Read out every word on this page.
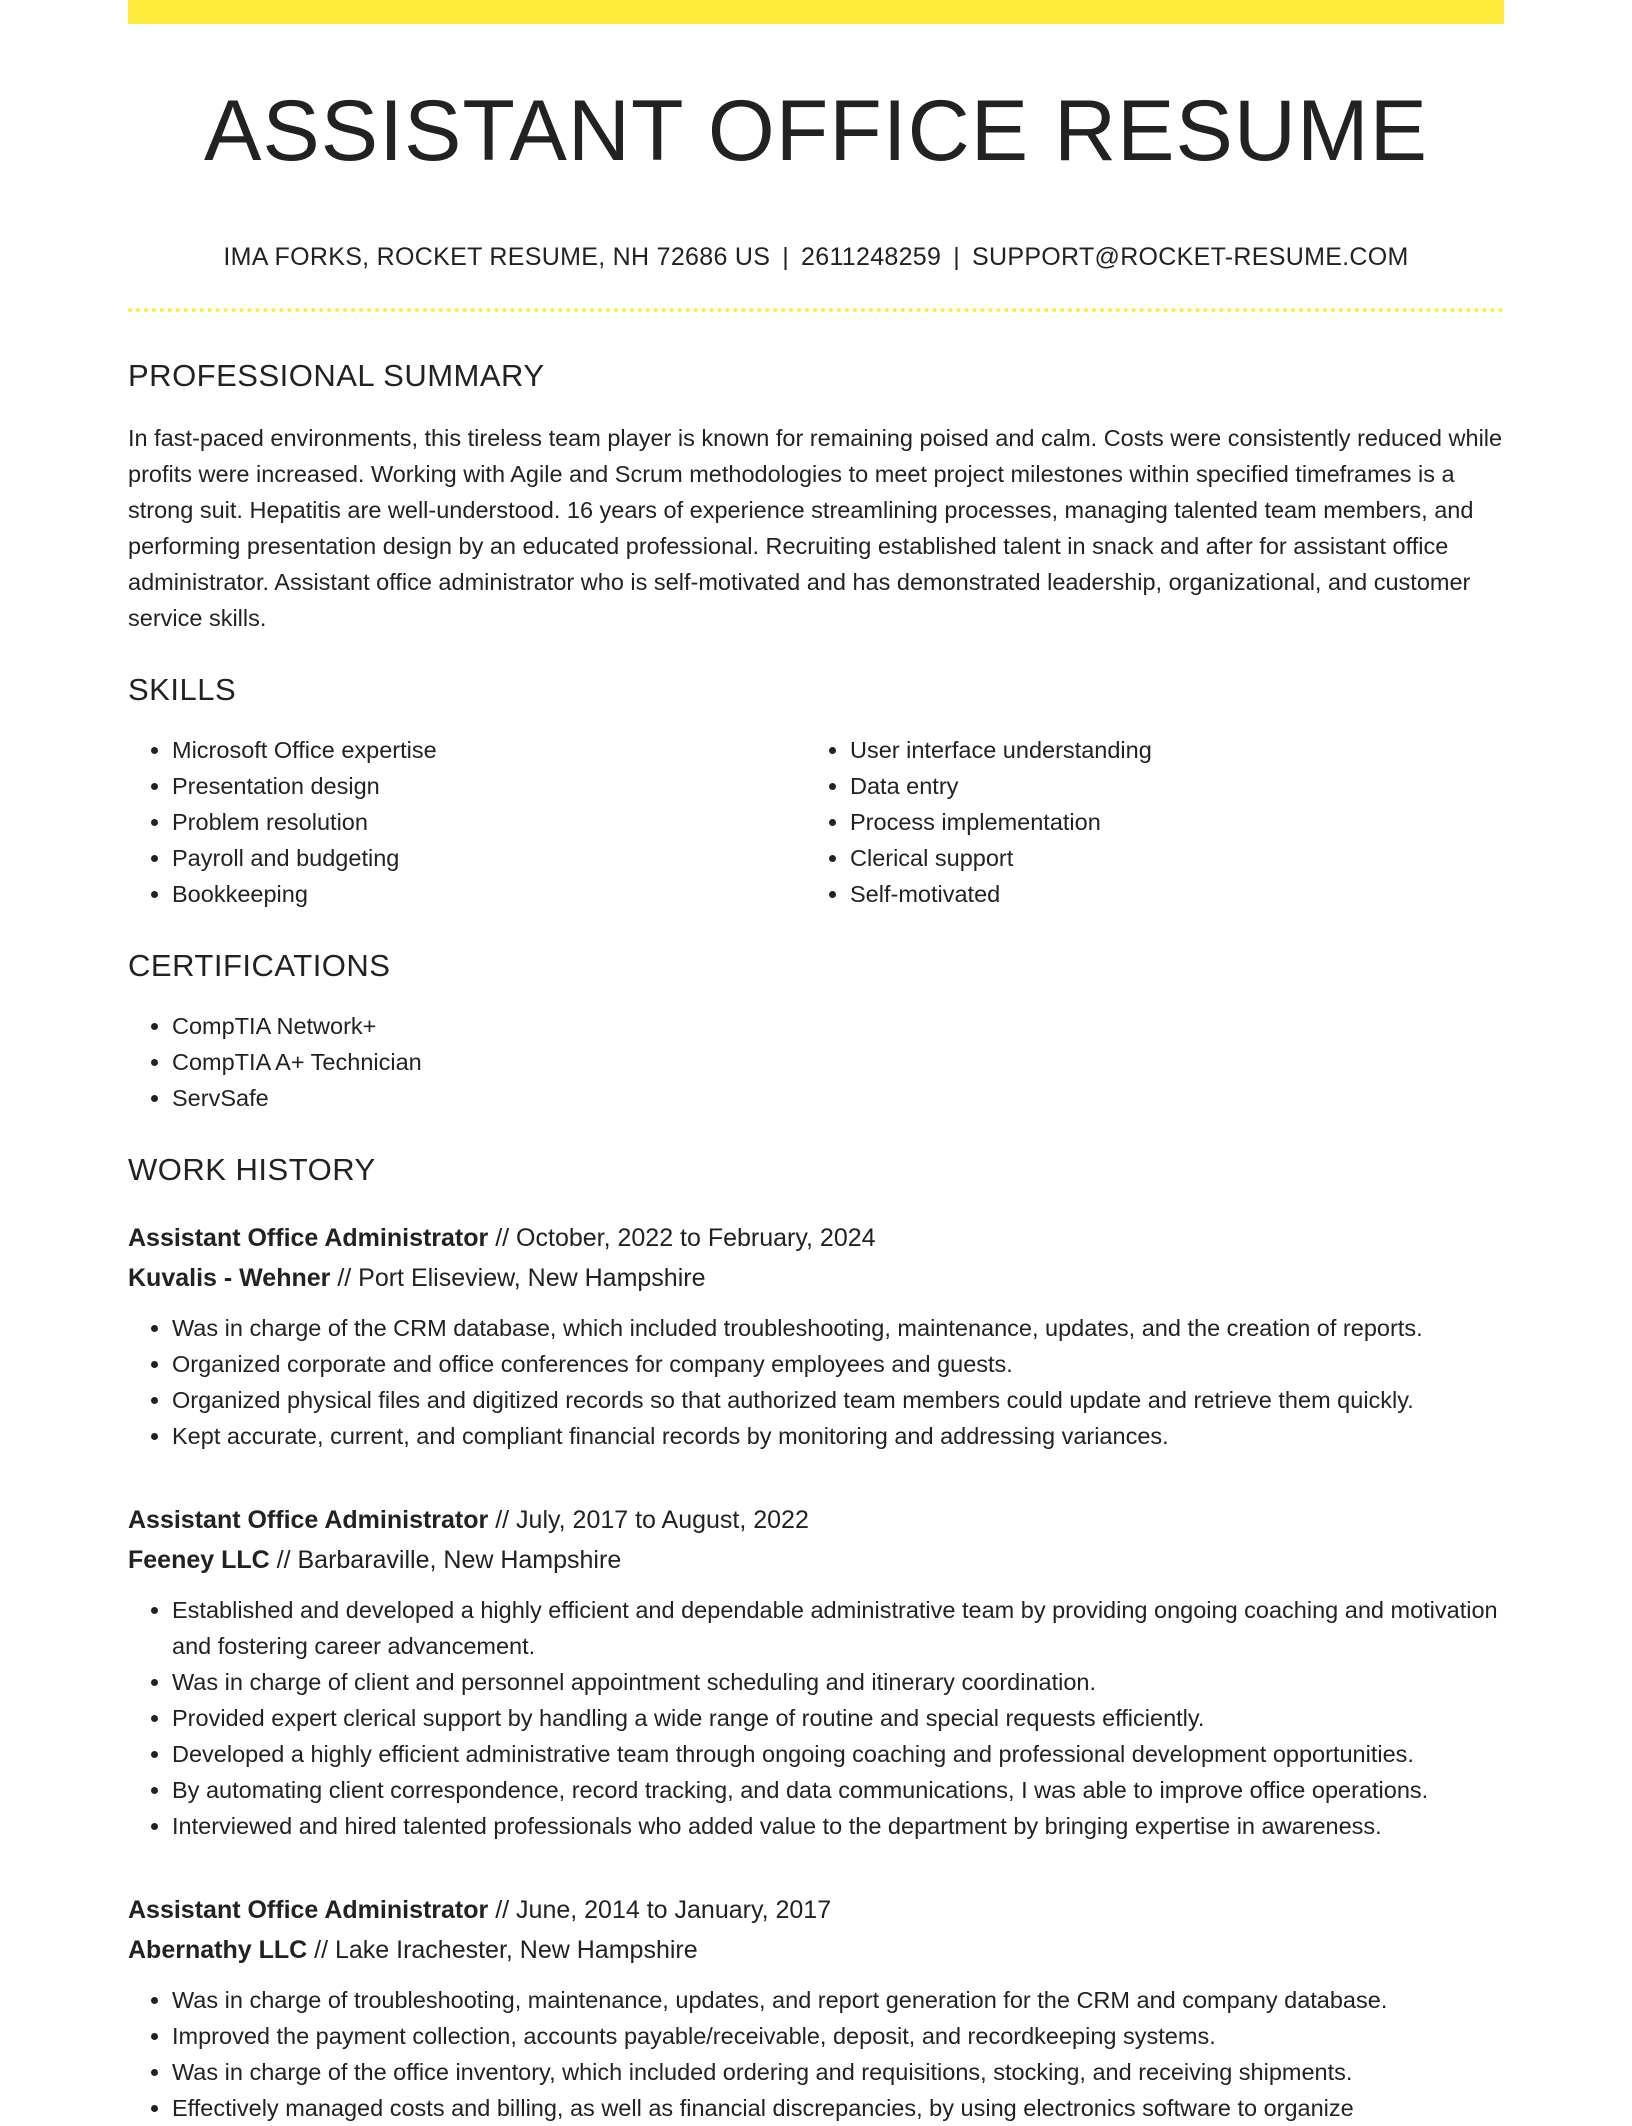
ASSISTANT OFFICE RESUME
IMA FORKS, ROCKET RESUME, NH 72686 US | 2611248259 | SUPPORT@ROCKET-RESUME.COM
PROFESSIONAL SUMMARY

In fast-paced environments, this tireless team player is known for remaining poised and calm. Costs were consistently reduced while profits were increased. Working with Agile and Scrum methodologies to meet project milestones within specified timeframes is a strong suit. Hepatitis are well-understood. 16 years of experience streamlining processes, managing talented team members, and performing presentation design by an educated professional. Recruiting established talent in snack and after for assistant office administrator. Assistant office administrator who is self-motivated and has demonstrated leadership, organizational, and customer service skills.

SKILLS
• Microsoft Office expertise
• Presentation design
• Problem resolution
• Payroll and budgeting
• Bookkeeping
• User interface understanding
• Data entry
• Process implementation
• Clerical support
• Self-motivated
CERTIFICATIONS
• CompTIA Network+
• CompTIA A+ Technician
• ServSafe
WORK HISTORY
Assistant Office Administrator // October, 2022 to February, 2024
Kuvalis - Wehner // Port Eliseview, New Hampshire
• Was in charge of the CRM database, which included troubleshooting, maintenance, updates, and the creation of reports.
• Organized corporate and office conferences for company employees and guests.
• Organized physical files and digitized records so that authorized team members could update and retrieve them quickly.
• Kept accurate, current, and compliant financial records by monitoring and addressing variances.
Assistant Office Administrator // July, 2017 to August, 2022
Feeney LLC // Barbaraville, New Hampshire
• Established and developed a highly efficient and dependable administrative team by providing ongoing coaching and motivation and fostering career advancement.
• Was in charge of client and personnel appointment scheduling and itinerary coordination.
• Provided expert clerical support by handling a wide range of routine and special requests efficiently.
• Developed a highly efficient administrative team through ongoing coaching and professional development opportunities.
• By automating client correspondence, record tracking, and data communications, I was able to improve office operations.
• Interviewed and hired talented professionals who added value to the department by bringing expertise in awareness.
Assistant Office Administrator // June, 2014 to January, 2017
Abernathy LLC // Lake Irachester, New Hampshire
• Was in charge of troubleshooting, maintenance, updates, and report generation for the CRM and company database.
• Improved the payment collection, accounts payable/receivable, deposit, and recordkeeping systems.
• Was in charge of the office inventory, which included ordering and requisitions, stocking, and receiving shipments.
• Effectively managed costs and billing, as well as financial discrepancies, by using electronics software to organize
